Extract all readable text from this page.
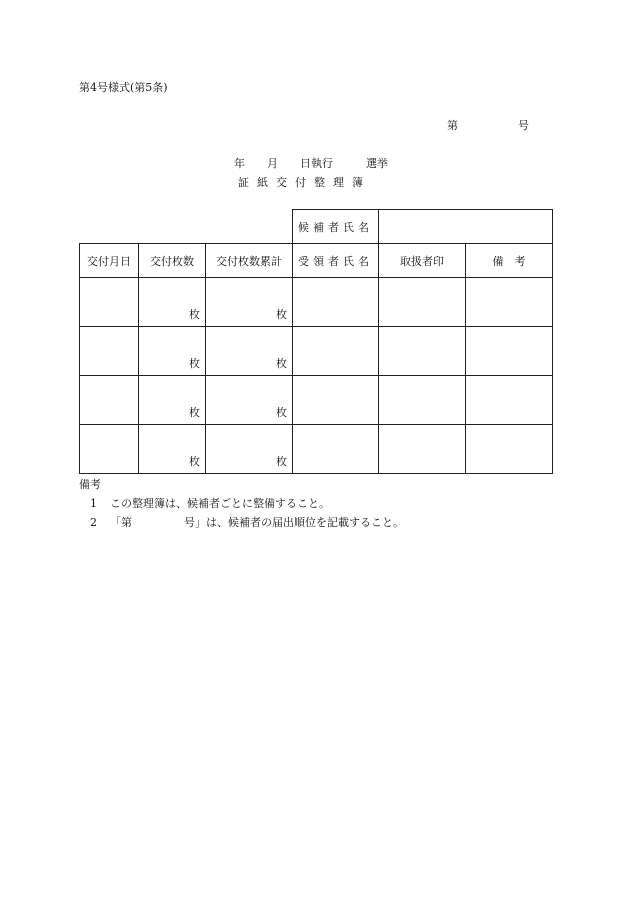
第4号様式(第5条)
第	号
年　　月　　日執行　　　選挙
証紙交付整理簿
			候補者氏名		
交付月日	交付枚数	交付枚数累計	受領者氏名	取扱者印	備　考
	枚	枚			
	枚	枚			
	枚	枚			
	枚	枚			
備考
1 この整理簿は、候補者ごとに整備すること。
2 「第	号」は、候補者の届出順位を記載すること。
